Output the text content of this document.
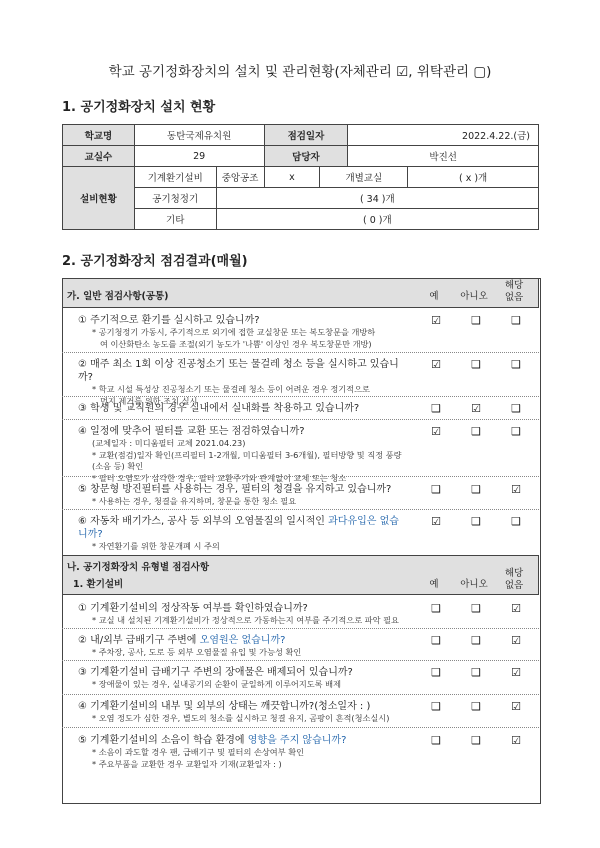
학교 공기정화장치의 설치 및 관리현황(자체관리 ☑, 위탁관리 ▢)
1. 공기정화장치 설치 현황
학교명	동탄국제유치원		점검일자		2022.4.22.(금)	
교실수	29		담당자		박진선	
설비현황	기계환기설비	중앙공조	x	개별교실		( x )개
	공기청정기	( 34 )개				
	기타	( 0 )개				
2. 공기정화장치 점검결과(매월)
가. 일반 점검사항(공통)	예	아니오
해당
없음
① 주기적으로 환기를 실시하고 있습니까?
* 공기청정기 가동시, 주기적으로 외기에 접한 교실창문 또는 복도창문을 개방하
여 이산화탄소 농도를 조절(외기 농도가 '나쁨' 이상인 경우 복도창문만 개방)
☑	❑	❑
② 매주 최소 1회 이상 진공청소기 또는 물걸레 청소 등을 실시하고 있습니까?
* 학교 시설 특성상 진공청소기 또는 물걸레 청소 등이 어려운 경우 정기적으로
먼지 제거를 위한 조치 실시
☑	❑	❑
③ 학생 및 교직원의 경우 실내에서 실내화를 착용하고 있습니까?	❑	☑	❑
④ 일정에 맞추어 필터를 교환 또는 점검하였습니까?
(교체일자 : 미디움필터 교체 2021.04.23)
* 교환(점검)일자 확인(프리필터 1-2개월, 미디움필터 3-6개월), 필터방향 및 직정 풍량(소음 등) 확인
* 필터 오염도가 심각한 경우, 필터 교환주기와 관계없이 교체 또는 청소
☑	❑	❑
⑤ 창문형 방진필터를 사용하는 경우, 필터의 청결을 유지하고 있습니까?
* 사용하는 경우, 청결을 유지하며, 창문을 통한 청소 필요
❑	❑	☑
⑥ 자동차 배기가스, 공사 등 외부의 오염물질의 일시적인 과다유입은 없습니까?
* 자연환기를 위한 창문개폐 시 주의
☑	❑	❑
나. 공기정화장치 유형별 점검사항
1. 환기설비	예	아니오
해당
없음
① 기계환기설비의 정상작동 여부를 확인하였습니까?
* 교실 내 설치된 기계환기설비가 정상적으로 가동하는지 여부를 주기적으로 파악 필요
❑	❑	☑
② 내/외부 급배기구 주변에 오염원은 없습니까?
* 주차장, 공사, 도로 등 외부 오염물질 유입 및 가능성 확인
❑	❑	☑
③ 기계환기설비 급배기구 주변의 장애물은 배제되어 있습니까?
* 장애물이 있는 경우, 실내공기의 순환이 균일하게 이루어지도록 배제
❑	❑	☑
④ 기계환기설비의 내부 및 외부의 상태는 깨끗합니까?(청소일자 : )
* 오염 정도가 심한 경우, 별도의 청소를 실시하고 청결 유지, 곰팡이 흔적(청소실시)
❑	❑	☑
⑤ 기계환기설비의 소음이 학습 환경에 영향을 주지 않습니까?
* 소음이 과도할 경우 팬, 급배기구 및 필터의 손상여부 확인
* 주요부품을 교환한 경우 교환일자 기재(교환일자 : )
❑	❑	☑
